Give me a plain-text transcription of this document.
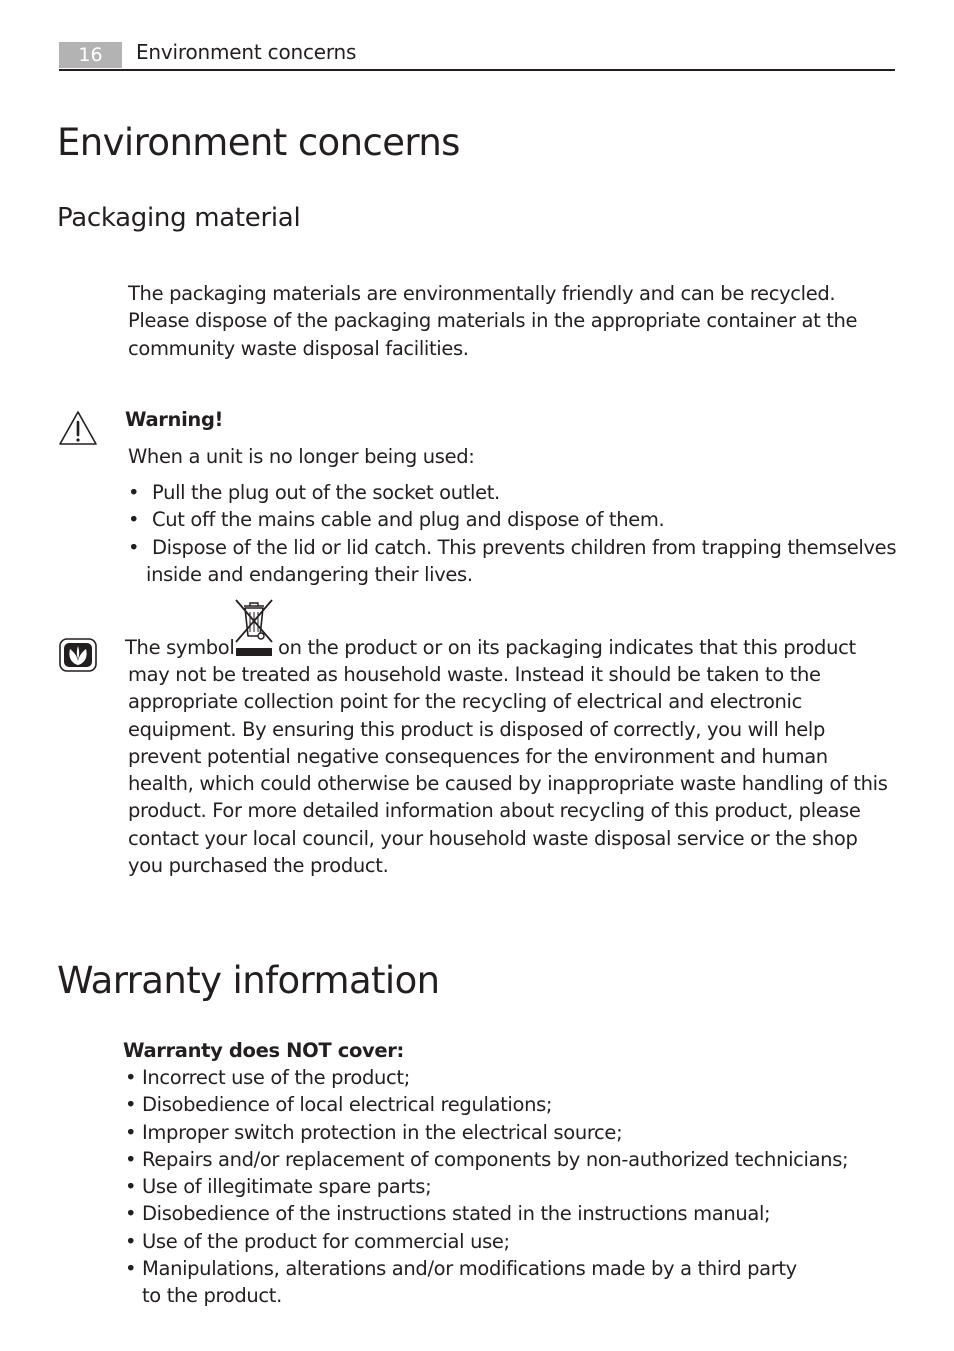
16	Environment concerns
Environment concerns
Packaging material
The packaging materials are environmentally friendly and can be recycled.
Please dispose of the packaging materials in the appropriate container at the
community waste disposal facilities.
Warning!
When a unit is no longer being used:
• Pull the plug out of the socket outlet.
• Cut off the mains cable and plug and dispose of them.
• Dispose of the lid or lid catch. This prevents children from trapping themselves
inside and endangering their lives.
The symbol on the product or on its packaging indicates that this product
may not be treated as household waste. Instead it should be taken to the
appropriate collection point for the recycling of electrical and electronic
equipment. By ensuring this product is disposed of correctly, you will help
prevent potential negative consequences for the environment and human
health, which could otherwise be caused by inappropriate waste handling of this
product. For more detailed information about recycling of this product, please
contact your local council, your household waste disposal service or the shop
you purchased the product.
Warranty information
Warranty does NOT cover:
• Incorrect use of the product;
• Disobedience of local electrical regulations;
• Improper switch protection in the electrical source;
• Repairs and/or replacement of components by non-authorized technicians;
• Use of illegitimate spare parts;
• Disobedience of the instructions stated in the instructions manual;
• Use of the product for commercial use;
• Manipulations, alterations and/or modifications made by a third party
to the product.
